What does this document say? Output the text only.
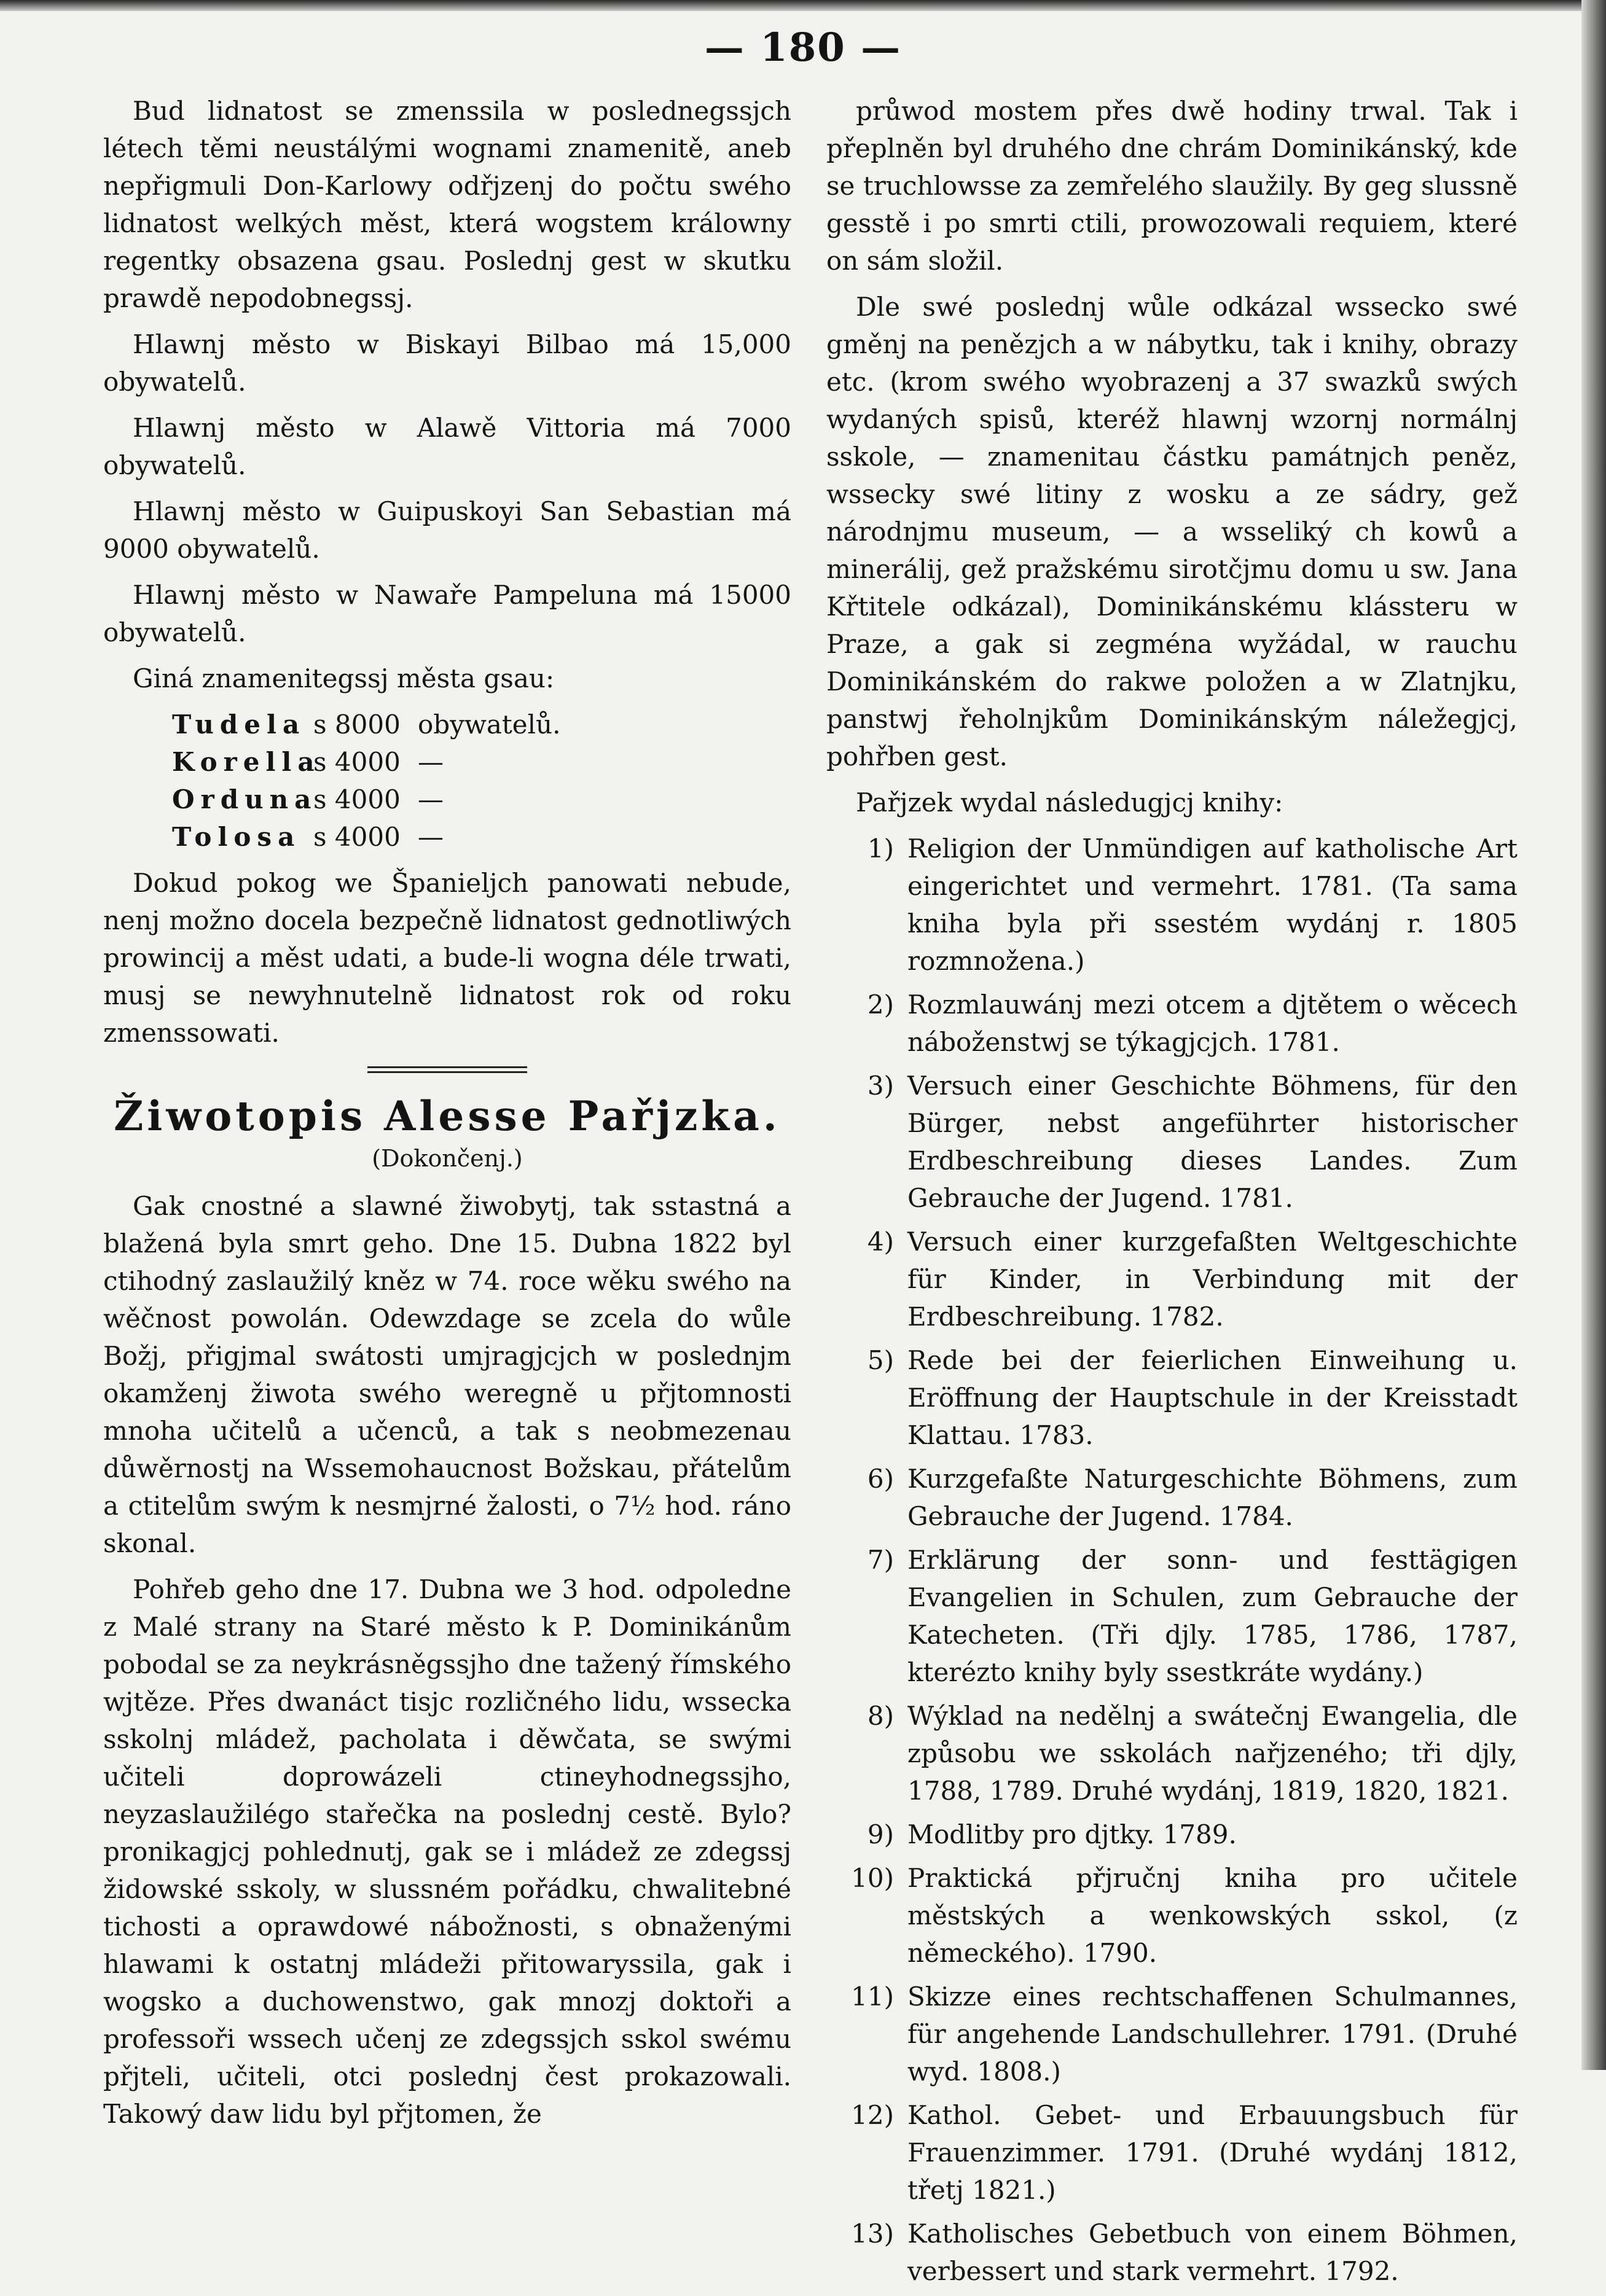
— 180 —

Bud lidnatost se zmenssila w poslednegssjch létech těmi neustálými wognami znamenitě, aneb nepřigmuli Don-Karlowy odřjzenj do počtu swého lidnatost welkých měst, která wogstem králowny regentky obsazena gsau. Poslednj gest w skutku prawdě nepodobnegssj.

Hlawnj město w Biskayi Bilbao má 15,000 obywatelů.

Hlawnj město w Alawě Vittoria má 7000 obywatelů.

Hlawnj město w Guipuskoyi San Sebastian má 9000 obywatelů.

Hlawnj město w Nawaře Pampeluna má 15000 obywatelů.

Giná znamenitegssj města gsau:

Tudela s 8000 obywatelů.
Korella
s 4000 —
Orduna
s 4000 —
Tolosa s 4000 —

Dokud pokog we Španieljch panowati nebude, nenj možno docela bezpečně lidnatost gednotliwých prowincij a měst udati, a bude-li wogna déle trwati, musj se newyhnutelně lidnatost rok od roku zmenssowati.

Žiwotopis Alesse Pařjzka.
(Dokončenj.)

Gak cnostné a slawné žiwobytj, tak sstastná a blažená byla smrt geho. Dne 15. Dubna 1822 byl ctihodný zaslaužilý kněz w 74. roce wěku swého na wěčnost powolán. Odewzdage se zcela do wůle Božj, přigjmal swátosti umjragjcjch w poslednjm okamženj žiwota swého weregně u přjtomnosti mnoha učitelů a učenců, a tak s neobmezenau důwěrnostj na Wssemohaucnost Božskau, přátelům a ctitelům swým k nesmjrné žalosti, o 7½ hod. ráno skonal.

Pohřeb geho dne 17. Dubna we 3 hod. odpoledne z Malé strany na Staré město k P. Dominikánům pobodal se za neykrásněgssjho dne tažený římského wjtěze. Přes dwanáct tisjc rozličného lidu, wssecka sskolnj mládež, pacholata i děwčata, se swými učiteli doprowázeli ctineyhodnegssjho, neyzaslaužilégo stařečka na poslednj cestě. Bylo? pronikagjcj pohlednutj, gak se i mládež ze zdegssj židowské sskoly, w slussném pořádku, chwalitebné tichosti a oprawdowé nábožnosti, s obnaženými hlawami k ostatnj mládeži přitowaryssila, gak i wogsko a duchowenstwo, gak mnozj doktoři a professoři wssech učenj ze zdegssjch sskol swému přjteli, učiteli, otci poslednj čest prokazowali. Takowý daw lidu byl přjtomen, že

průwod mostem přes dwě hodiny trwal. Tak i přeplněn byl druhého dne chrám Dominikánský, kde se truchlowsse za zemřelého slaužily. By geg slussně gesstě i po smrti ctili, prowozowali requiem, které on sám složil.

Dle swé poslednj wůle odkázal wssecko swé gměnj na penězjch a w nábytku, tak i knihy, obrazy etc. (krom swého wyobrazenj a 37 swazků swých wydaných spisů, kteréž hlawnj wzornj normálnj sskole, — znamenitau částku památnjch peněz, wssecky swé litiny z wosku a ze sádry, gež národnjmu museum, — a wsseliký ch kowů a minerálij, gež pražskému sirotčjmu domu u sw. Jana Křtitele odkázal), Dominikánskému klássteru w Praze, a gak si zegména wyžádal, w rauchu Dominikánském do rakwe položen a w Zlatnjku, panstwj řeholnjkům Dominikánským náležegjcj, pohřben gest.

Pařjzek wydal následugjcj knihy:

1) Religion der Unmündigen auf katholische Art eingerichtet und vermehrt. 1781. (Ta sama kniha byla při ssestém wydánj r. 1805 rozmnožena.)
2) Rozmlauwánj mezi otcem a djtětem o wěcech náboženstwj se týkagjcjch. 1781.
3) Versuch einer Geschichte Böhmens, für den Bürger, nebst angeführter historischer Erdbeschreibung dieses Landes. Zum Gebrauche der Jugend. 1781.
4) Versuch einer kurzgefaßten Weltgeschichte für Kinder, in Verbindung mit der Erdbeschreibung. 1782.
5) Rede bei der feierlichen Einweihung u. Eröffnung der Hauptschule in der Kreisstadt Klattau. 1783.
6) Kurzgefaßte Naturgeschichte Böhmens, zum Gebrauche der Jugend. 1784.
7) Erklärung der sonn- und festtägigen Evangelien in Schulen, zum Gebrauche der Katecheten. (Tři djly. 1785, 1786, 1787, kterézto knihy byly ssestkráte wydány.)
8) Wýklad na nedělnj a swátečnj Ewangelia, dle způsobu we sskolách nařjzeného; tři djly, 1788, 1789. Druhé wydánj, 1819, 1820, 1821.
9) Modlitby pro djtky. 1789.
10) Praktická přjručnj kniha pro učitele městských a wenkowských sskol, (z německého). 1790.
11) Skizze eines rechtschaffenen Schulmannes, für angehende Landschullehrer. 1791. (Druhé wyd. 1808.)
12) Kathol. Gebet- und Erbauungsbuch für Frauenzimmer. 1791. (Druhé wydánj 1812, třetj 1821.)
13) Katholisches Gebetbuch von einem Böhmen, verbessert und stark vermehrt. 1792.
